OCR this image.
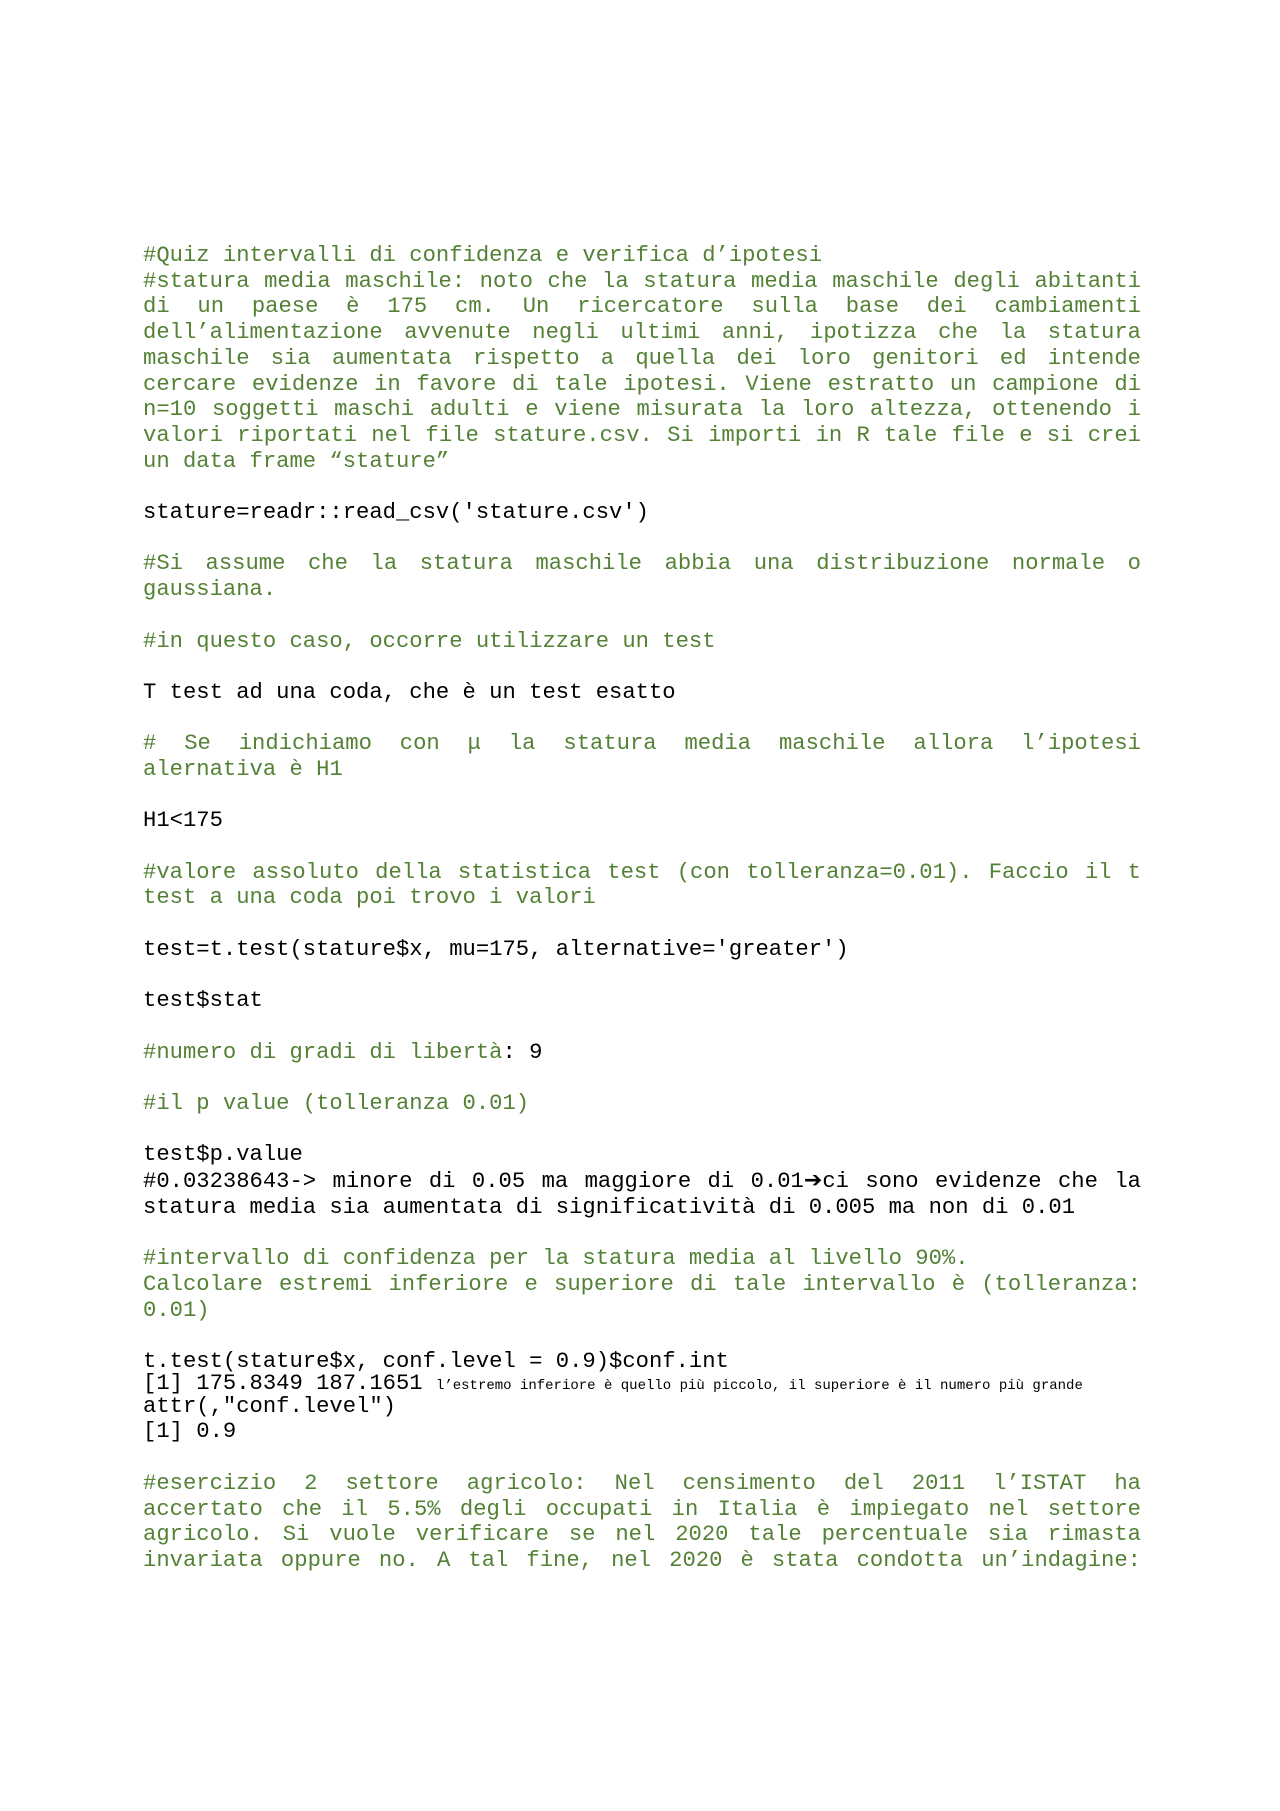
#Quiz intervalli di confidenza e verifica d’ipotesi
#statura media maschile: noto che la statura media maschile degli abitanti di un paese è 175 cm. Un ricercatore sulla base dei cambiamenti dell’alimentazione avvenute negli ultimi anni, ipotizza che la statura maschile sia aumentata rispetto a quella dei loro genitori ed intende cercare evidenze in favore di tale ipotesi. Viene estratto un campione di n=10 soggetti maschi adulti e viene misurata la loro altezza, ottenendo i valori riportati nel file stature.csv. Si importi in R tale file e si crei un data frame “stature”
stature=readr::read_csv('stature.csv')
#Si assume che la statura maschile abbia una distribuzione normale o gaussiana.
#in questo caso, occorre utilizzare un test
T test ad una coda, che è un test esatto
# Se indichiamo con μ la statura media maschile allora l’ipotesi alernativa è H1
H1<175
#valore assoluto della statistica test (con tolleranza=0.01). Faccio il t test a una coda poi trovo i valori
test=t.test(stature$x, mu=175, alternative='greater')
test$stat
#numero di gradi di libertà: 9
#il p value (tolleranza 0.01)
test$p.value
#0.03238643-> minore di 0.05 ma maggiore di 0.01➔ci sono evidenze che la
statura media sia aumentata di significatività di 0.005 ma non di 0.01
#intervallo di confidenza per la statura media al livello 90%.
Calcolare estremi inferiore e superiore di tale intervallo è (tolleranza: 0.01)
t.test(stature$x, conf.level = 0.9)$conf.int
[1] 175.8349 187.1651 l’estremo inferiore è quello più piccolo, il superiore è il numero più grande
attr(,"conf.level")
[1] 0.9
#esercizio 2 settore agricolo: Nel censimento del 2011 l’ISTAT ha accertato che il 5.5% degli occupati in Italia è impiegato nel settore agricolo. Si vuole verificare se nel 2020 tale percentuale sia rimasta invariata oppure no. A tal fine, nel 2020 è stata condotta un’indagine:
